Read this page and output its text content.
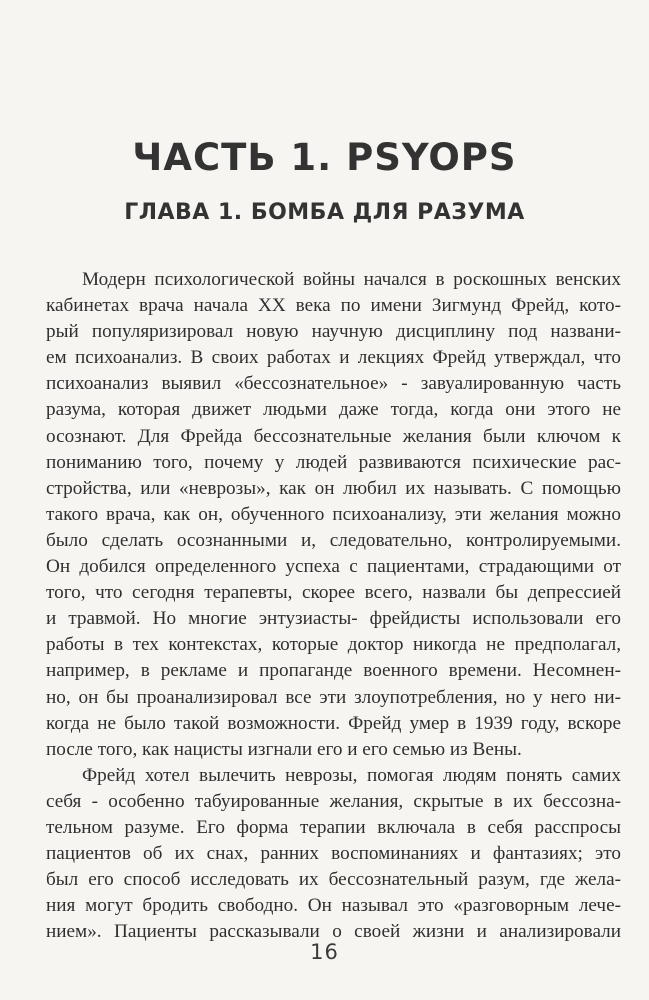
ЧАСТЬ 1. PSYOPS
ГЛАВА 1. БОМБА ДЛЯ РАЗУМА

Модерн психологической войны начался в роскошных венских
кабинетах врача начала XX века по имени Зигмунд Фрейд, кото-
рый популяризировал новую научную дисциплину под названи-
ем психоанализ. В своих работах и лекциях Фрейд утверждал, что
психоанализ выявил «бессознательное» - завуалированную часть
разума, которая движет людьми даже тогда, когда они этого не
осознают. Для Фрейда бессознательные желания были ключом к
пониманию того, почему у людей развиваются психические рас-
стройства, или «неврозы», как он любил их называть. С помощью
такого врача, как он, обученного психоанализу, эти желания можно
было сделать осознанными и, следовательно, контролируемыми.
Он добился определенного успеха с пациентами, страдающими от
того, что сегодня терапевты, скорее всего, назвали бы депрессией
и травмой. Но многие энтузиасты- фрейдисты использовали его
работы в тех контекстах, которые доктор никогда не предполагал,
например, в рекламе и пропаганде военного времени. Несомнен-
но, он бы проанализировал все эти злоупотребления, но у него ни-
когда не было такой возможности. Фрейд умер в 1939 году, вскоре
после того, как нацисты изгнали его и его семью из Вены.

Фрейд хотел вылечить неврозы, помогая людям понять самих
себя - особенно табуированные желания, скрытые в их бессозна-
тельном разуме. Его форма терапии включала в себя расспросы
пациентов об их снах, ранних воспоминаниях и фантазиях; это
был его способ исследовать их бессознательный разум, где жела-
ния могут бродить свободно. Он называл это «разговорным лече-
нием». Пациенты рассказывали о своей жизни и анализировали

16
